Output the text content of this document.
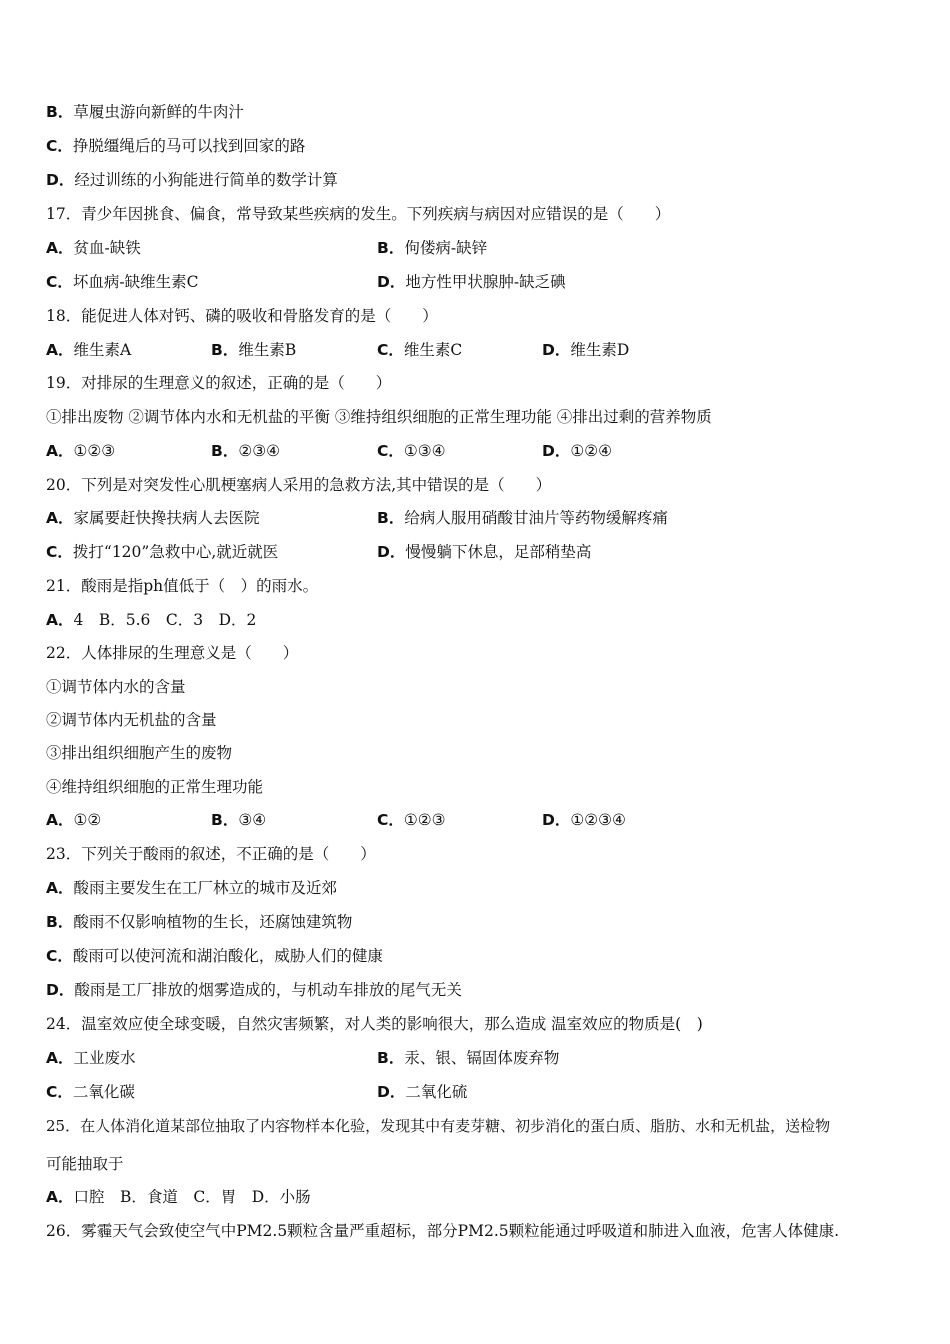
B．草履虫游向新鲜的牛肉汁
C．挣脱缰绳后的马可以找到回家的路
D．经过训练的小狗能进行简单的数学计算
17．青少年因挑食、偏食，常导致某些疾病的发生。下列疾病与病因对应错误的是（　　）
A．贫血-缺铁	B．佝偻病-缺锌
C．坏血病-缺维生素C	D．地方性甲状腺肿-缺乏碘
18．能促进人体对钙、磷的吸收和骨胳发育的是（　　）
A．维生素A	B．维生素B	C．维生素C	D．维生素D
19．对排尿的生理意义的叙述，正确的是（　　）
①排出废物 ②调节体内水和无机盐的平衡 ③维持组织细胞的正常生理功能 ④排出过剩的营养物质
A．①②③	B．②③④	C．①③④	D．①②④
20．下列是对突发性心肌梗塞病人采用的急救方法,其中错误的是（　　）
A．家属要赶快搀扶病人去医院	B．给病人服用硝酸甘油片等药物缓解疼痛
C．拨打“120”急救中心,就近就医	D．慢慢躺下休息，足部稍垫高
21．酸雨是指ph值低于（　）的雨水。
A．4　B．5.6　C．3　D．2
22．人体排尿的生理意义是（　　）
①调节体内水的含量
②调节体内无机盐的含量
③排出组织细胞产生的废物
④维持组织细胞的正常生理功能
A．①②	B．③④	C．①②③	D．①②③④
23．下列关于酸雨的叙述，不正确的是（　　）
A．酸雨主要发生在工厂林立的城市及近郊
B．酸雨不仅影响植物的生长，还腐蚀建筑物
C．酸雨可以使河流和湖泊酸化，威胁人们的健康
D．酸雨是工厂排放的烟雾造成的，与机动车排放的尾气无关
24．温室效应使全球变暖，自然灾害频繁，对人类的影响很大，那么造成 温室效应的物质是(　)
A．工业废水	B．汞、银、镉固体废弃物
C．二氧化碳	D．二氧化硫
25．在人体消化道某部位抽取了内容物样本化验，发现其中有麦芽糖、初步消化的蛋白质、脂肪、水和无机盐，送检物
可能抽取于
A．口腔　B．食道　C．胃　D．小肠
26．雾霾天气会致使空气中PM2.5颗粒含量严重超标，部分PM2.5颗粒能通过呼吸道和肺进入血液，危害人体健康.
